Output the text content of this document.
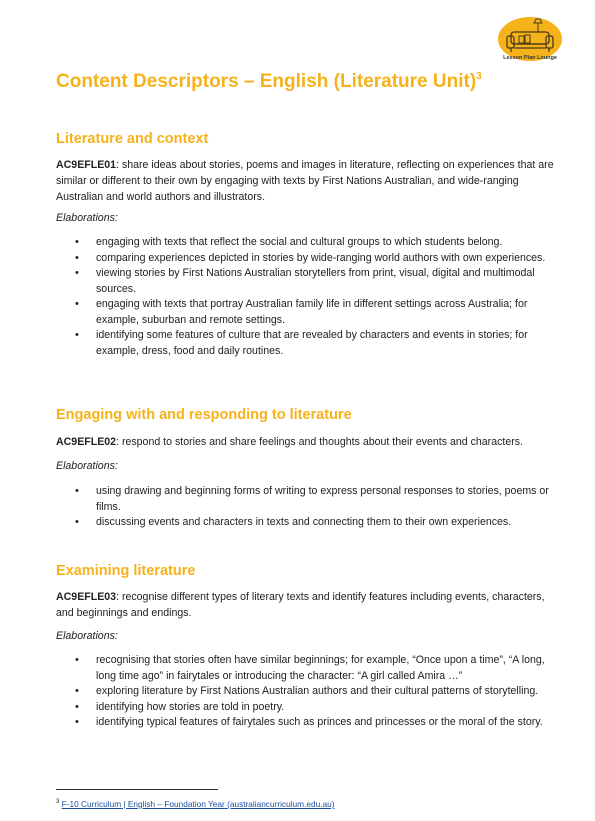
Lesson Plan Lounge
Content Descriptors – English (Literature Unit)$^3$
Literature and context

AC9EFLE01: share ideas about stories, poems and images in literature, reflecting on experiences that are similar or different to their own by engaging with texts by First Nations Australian, and wide-ranging Australian and world authors and illustrators.

Elaborations:

• engaging with texts that reflect the social and cultural groups to which students belong.
• comparing experiences depicted in stories by wide-ranging world authors with own experiences.
• viewing stories by First Nations Australian storytellers from print, visual, digital and multimodal sources.
• engaging with texts that portray Australian family life in different settings across Australia; for example, suburban and remote settings.
• identifying some features of culture that are revealed by characters and events in stories; for example, dress, food and daily routines.
Engaging with and responding to literature

AC9EFLE02: respond to stories and share feelings and thoughts about their events and characters.

Elaborations:

• using drawing and beginning forms of writing to express personal responses to stories, poems or films.
• discussing events and characters in texts and connecting them to their own experiences.
Examining literature

AC9EFLE03: recognise different types of literary texts and identify features including events, characters, and beginnings and endings.

Elaborations:

• recognising that stories often have similar beginnings; for example, “Once upon a time”, “A long, long time ago” in fairytales or introducing the character: “A girl called Amira …”
• exploring literature by First Nations Australian authors and their cultural patterns of storytelling.
• identifying how stories are told in poetry.
• identifying typical features of fairytales such as princes and princesses or the moral of the story.
$^3$ F-10 Curriculum | English – Foundation Year (australiancurriculum.edu.au)
